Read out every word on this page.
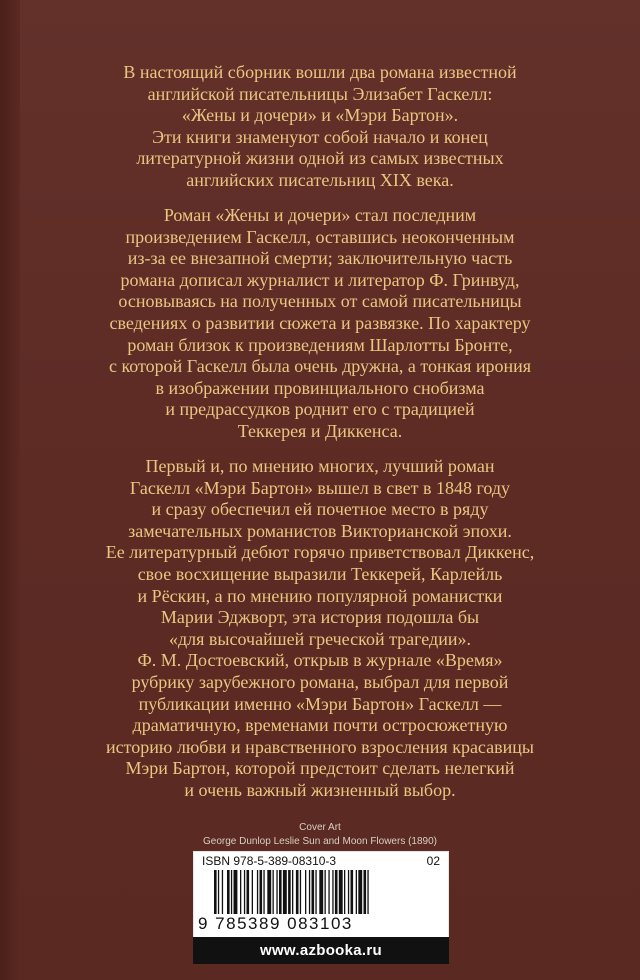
В настоящий сборник вошли два романа известной
английской писательницы Элизабет Гаскелл:
«Жены и дочери» и «Мэри Бартон».
Эти книги знаменуют собой начало и конец
литературной жизни одной из самых известных
английских писательниц XIX века.
Роман «Жены и дочери» стал последним
произведением Гаскелл, оставшись неоконченным
из-за ее внезапной смерти; заключительную часть
романа дописал журналист и литератор Ф. Гринвуд,
основываясь на полученных от самой писательницы
сведениях о развитии сюжета и развязке. По характеру
роман близок к произведениям Шарлотты Бронте,
с которой Гаскелл была очень дружна, а тонкая ирония
в изображении провинциального снобизма
и предрассудков роднит его с традицией
Теккерея и Диккенса.
Первый и, по мнению многих, лучший роман
Гаскелл «Мэри Бартон» вышел в свет в 1848 году
и сразу обеспечил ей почетное место в ряду
замечательных романистов Викторианской эпохи.
Ее литературный дебют горячо приветствовал Диккенс,
свое восхищение выразили Теккерей, Карлейль
и Рёскин, а по мнению популярной романистки
Марии Эджворт, эта история подошла бы
«для высочайшей греческой трагедии».
Ф. М. Достоевский, открыв в журнале «Время»
рубрику зарубежного романа, выбрал для первой
публикации именно «Мэри Бартон» Гаскелл —
драматичную, временами почти остросюжетную
историю любви и нравственного взросления красавицы
Мэри Бартон, которой предстоит сделать нелегкий
и очень важный жизненный выбор.
Cover Art
George Dunlop Leslie Sun and Moon Flowers (1890)
ISBN 978-5-389-08310-3	02
9 785389 083103
www.azbooka.ru
